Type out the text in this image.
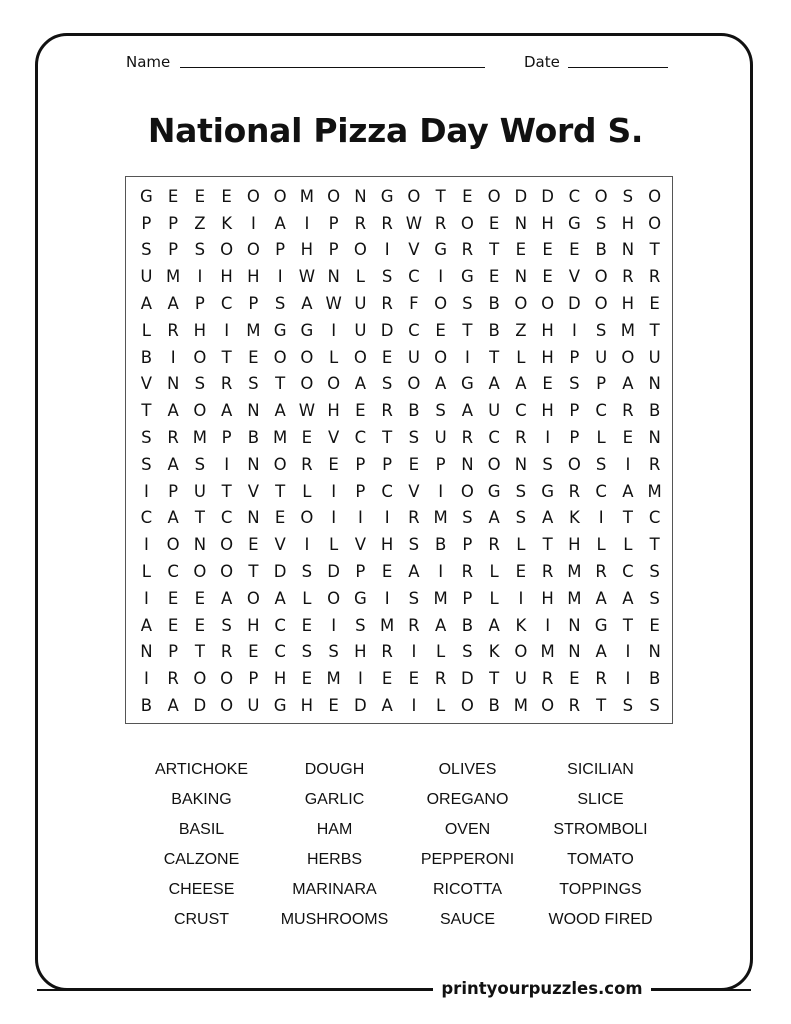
Name	Date
National Pizza Day Word S.
G E E E O O M O N G O T E O D D C O S O
P	P Z K	I	A	I	P R R W R O E N H G S H O
S	P	S O O P H P O	I	V G R T E E E B N T
U M	I	H H	I W N L	S C	I	G E N E V O R R
A A P C P	S A W U R F O S B O O D O H E
L R H	I	M G G	I	U D C E T B Z H	I	S M T
B	I	O T E O O L O E U O	I	T	L H P U O U
V N S R S T O O A S O A G A A E S	P A N
T A O A N A W H E R B S A U C H P C R B
S R M P B M E V C T S U R C R	I	P	L	E N
S A S	I	N O R E	P	P	E	P N O N S O S	I	R
I	P U T V T	L	I	P C V	I	O G S G R C A M
C A T C N E O	I	I	I	R M S A S A K	I	T C
I	O N O E V	I	L	V H S B P R L	T H L	L	T
L C O O T D S D P	E A	I	R L	E R M R C S
I	E E A O A	L O G	I	S M P	L	I	H M A A S
A E E S H C E	I	S M R A B A K	I	N G T E
N P	T R E C S S H R	I	L	S K O M N A	I	N
I	R O O P H E M	I	E E R D T U R E R	I	B
B A D O U G H E D A	I	L O B M O R T S S
ARTICHOKE	DOUGH	OLIVES	SICILIAN
BAKING	GARLIC	OREGANO	SLICE
BASIL	HAM	OVEN	STROMBOLI
CALZONE	HERBS	PEPPERONI	TOMATO
CHEESE	MARINARA	RICOTTA	TOPPINGS
CRUST	MUSHROOMS	SAUCE	WOOD FIRED
printyourpuzzles.com
